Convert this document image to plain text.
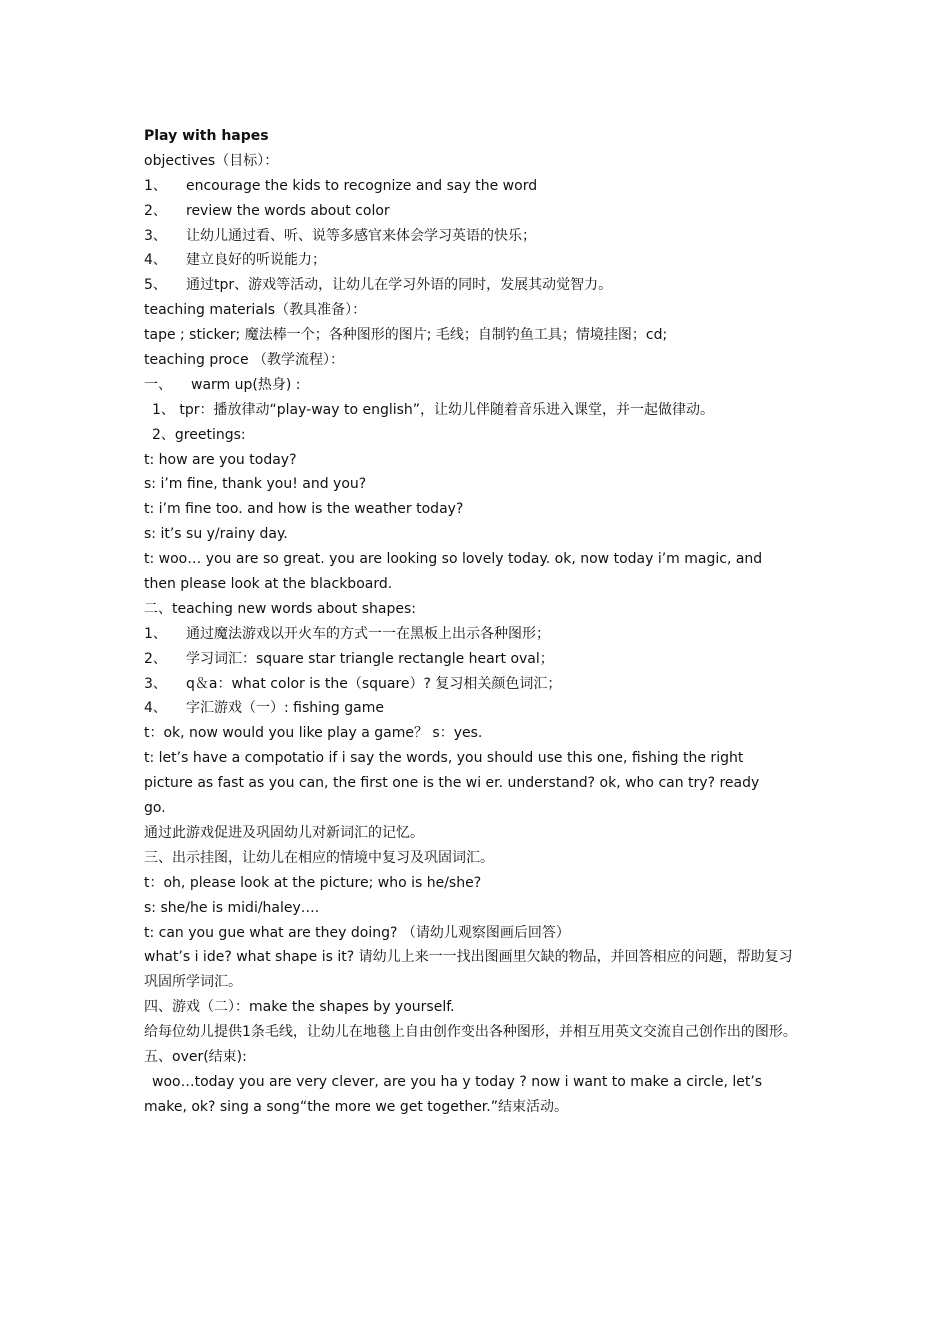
Play with hapes
objectives（目标）：
1、 encourage the kids to recognize and say the word
2、 review the words about color
3、 让幼儿通过看、听、说等多感官来体会学习英语的快乐；
4、 建立良好的听说能力；
5、 通过tpr、游戏等活动，让幼儿在学习外语的同时，发展其动觉智力。
teaching materials（教具准备）：
tape ; sticker; 魔法棒一个；各种图形的图片; 毛线；自制钓鱼工具；情境挂图；cd;
teaching proce （教学流程）：
一、 warm up(热身) :
1、 tpr：播放律动“play-way to english”，让幼儿伴随着音乐进入课堂，并一起做律动。
2、greetings:
t: how are you today?
s: i’m fine, thank you! and you?
t: i’m fine too. and how is the weather today?
s: it’s su y/rainy day.
t: woo… you are so great. you are looking so lovely today. ok, now today i’m magic, and
then please look at the blackboard.
二、teaching new words about shapes:
1、 通过魔法游戏以开火车的方式一一在黑板上出示各种图形；
2、 学习词汇：square star triangle rectangle heart oval；
3、 q＆a：what color is the（square）? 复习相关颜色词汇；
4、 字汇游戏（一）: fishing game
t：ok, now would you like play a game？ s：yes.
t: let’s have a compotatio if i say the words, you should use this one, fishing the right
picture as fast as you can, the first one is the wi er. understand? ok, who can try? ready
go.
通过此游戏促进及巩固幼儿对新词汇的记忆。
三、出示挂图，让幼儿在相应的情境中复习及巩固词汇。
t：oh, please look at the picture; who is he/she?
s: she/he is midi/haley….
t: can you gue what are they doing? （请幼儿观察图画后回答）
what’s i ide? what shape is it? 请幼儿上来一一找出图画里欠缺的物品，并回答相应的问题，帮助复习
巩固所学词汇。
四、游戏（二）：make the shapes by yourself.
给每位幼儿提供1条毛线，让幼儿在地毯上自由创作变出各种图形，并相互用英文交流自己创作出的图形。
五、over(结束):
woo…today you are very clever, are you ha y today ? now i want to make a circle, let’s
make, ok? sing a song“the more we get together.”结束活动。
